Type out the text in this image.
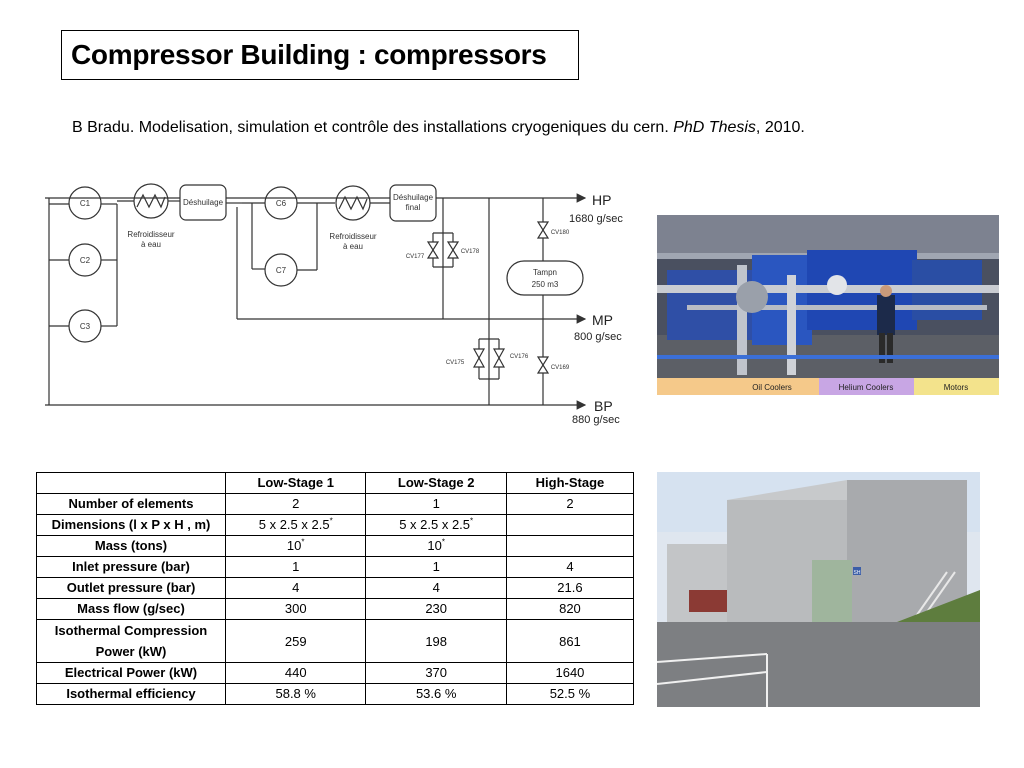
Compressor Building : compressors
B Bradu. Modelisation, simulation et contrôle des installations cryogeniques du cern. PhD Thesis, 2010.
C1
C2
C3
Refroidisseur
à eau
Déshuilage	C6
C7
Refroidisseur
à eau
Déshuilage
final
CV177
CV178
CV175
CV176
CV180
Tampn
250 m3
CV169
HP
1680 g/sec
MP
800 g/sec
BP
880 g/sec
Oil Coolers	Helium Coolers	Motors
SH
	Low-Stage 1	Low-Stage 2	High-Stage
Number of elements	2	1	2
Dimensions (l x P x H , m)	5 x 2.5 x 2.5*	5 x 2.5 x 2.5*	
Mass (tons)	10*	10*	
Inlet pressure (bar)	1	1	4
Outlet pressure (bar)	4	4	21.6
Mass flow (g/sec)	300	230	820
Isothermal Compression Power (kW)	259	198	861
Electrical Power (kW)	440	370	1640
Isothermal efficiency	58.8 %	53.6 %	52.5 %
